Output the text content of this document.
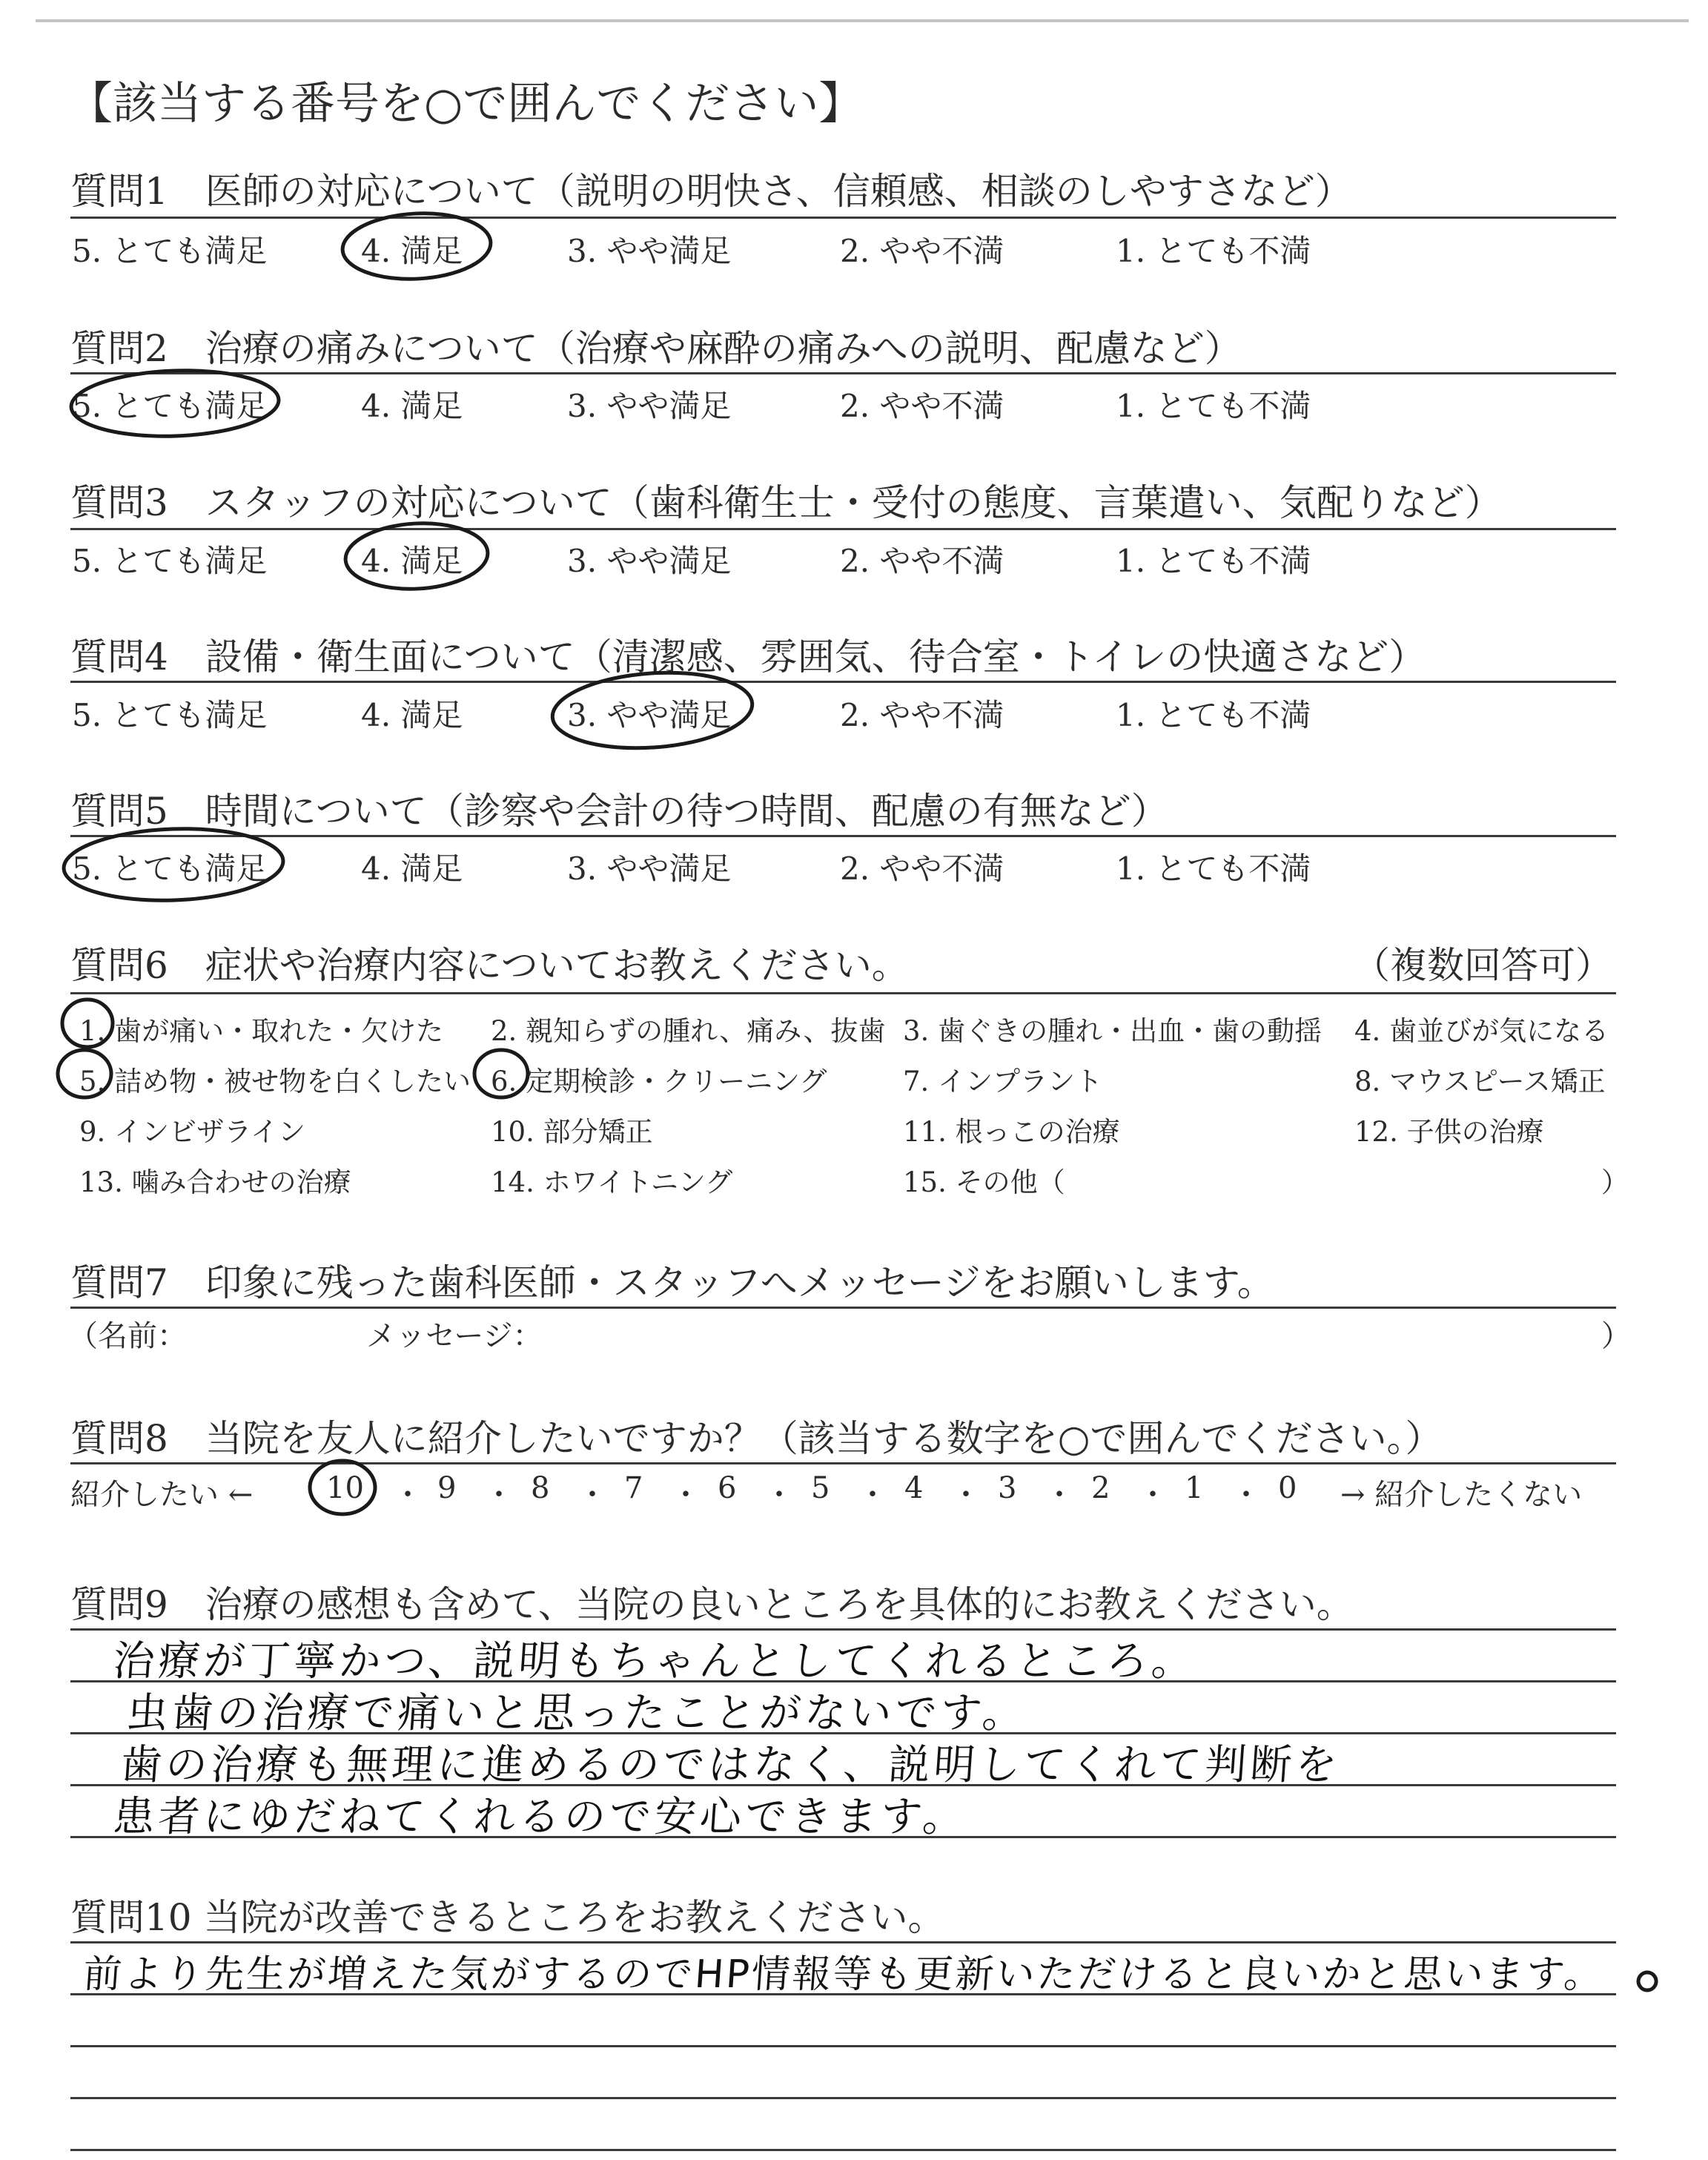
【該当する番号を○で囲んでください】
質問1　医師の対応について（説明の明快さ、信頼感、相談のしやすさなど）
5. とても満足	4. 満足	3. やや満足	2. やや不満	1. とても不満
質問2　治療の痛みについて（治療や麻酔の痛みへの説明、配慮など）
5. とても満足	4. 満足	3. やや満足	2. やや不満	1. とても不満
質問3　スタッフの対応について（歯科衛生士・受付の態度、言葉遣い、気配りなど）
5. とても満足	4. 満足	3. やや満足	2. やや不満	1. とても不満
質問4　設備・衛生面について（清潔感、雰囲気、待合室・トイレの快適さなど）
5. とても満足	4. 満足	3. やや満足	2. やや不満	1. とても不満
質問5　時間について（診察や会計の待つ時間、配慮の有無など）
5. とても満足	4. 満足	3. やや満足	2. やや不満	1. とても不満
質問6　症状や治療内容についてお教えください。	（複数回答可）
1. 歯が痛い・取れた・欠けた 2. 親知らずの腫れ、痛み、抜歯 3. 歯ぐきの腫れ・出血・歯の動揺 4. 歯並びが気になる
5. 詰め物・被せ物を白くしたい 6. 定期検診・クリーニング	7. インプラント	8. マウスピース矯正
9. インビザライン	10. 部分矯正	11. 根っこの治療	12. 子供の治療
13. 噛み合わせの治療	14. ホワイトニング	15. その他（	）
質問7　印象に残った歯科医師・スタッフへメッセージをお願いします。
（名前：	メッセージ：	）
質問8　当院を友人に紹介したいですか？（該当する数字を○で囲んでください。）
紹介したい ←	→ 紹介したくない
10 ・ 9 ・ 8 ・ 7 ・ 6 ・ 5 ・ 4 ・ 3 ・ 2 ・ 1 ・ 0
質問9　治療の感想も含めて、当院の良いところを具体的にお教えください。
治療が丁寧かつ、説明もちゃんとしてくれるところ。
虫歯の治療で痛いと思ったことがないです。
歯の治療も無理に進めるのではなく、説明してくれて判断を
患者にゆだねてくれるので安心できます。
質問10 当院が改善できるところをお教えください。
前より先生が増えた気がするのでHP情報等も更新いただけると良いかと思います。
